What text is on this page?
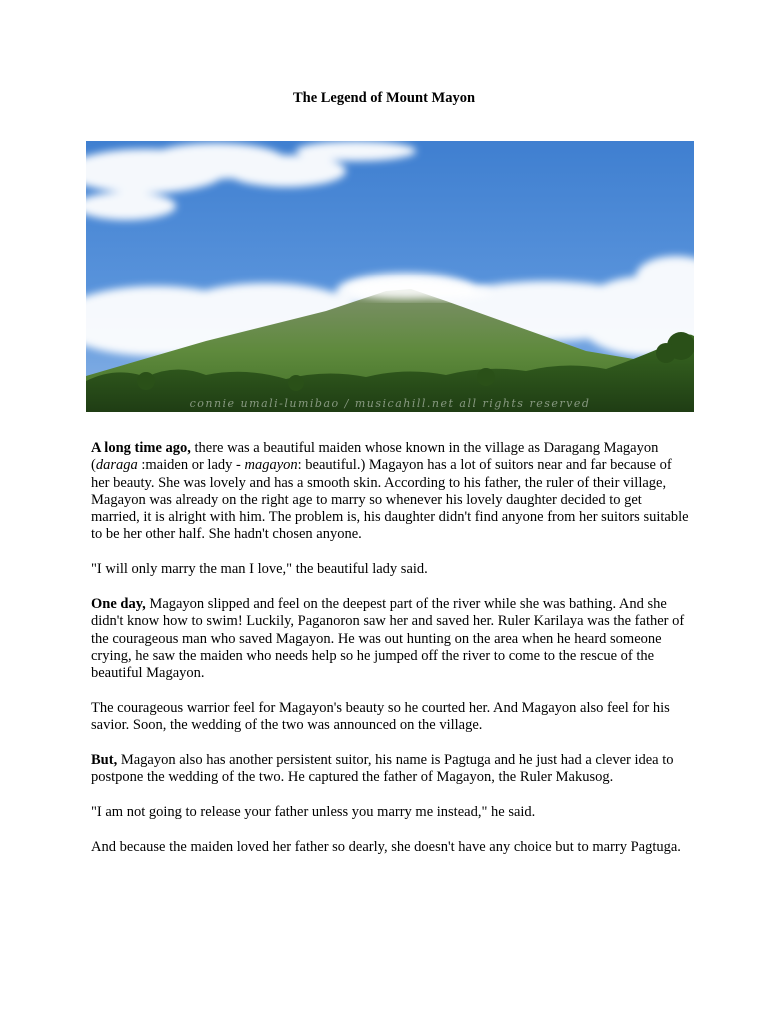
The Legend of Mount Mayon
connie umali-lumibao / musicahill.net all rights reserved

A long time ago, there was a beautiful maiden whose known in the village as Daragang Magayon (daraga :maiden or lady - magayon: beautiful.) Magayon has a lot of suitors near and far because of her beauty. She was lovely and has a smooth skin. According to his father, the ruler of their village, Magayon was already on the right age to marry so whenever his lovely daughter decided to get married, it is alright with him. The problem is, his daughter didn't find anyone from her suitors suitable to be her other half. She hadn't chosen anyone.

"I will only marry the man I love," the beautiful lady said.

One day, Magayon slipped and feel on the deepest part of the river while she was bathing. And she didn't know how to swim! Luckily, Paganoron saw her and saved her. Ruler Karilaya was the father of the courageous man who saved Magayon. He was out hunting on the area when he heard someone crying, he saw the maiden who needs help so he jumped off the river to come to the rescue of the beautiful Magayon.

The courageous warrior feel for Magayon's beauty so he courted her. And Magayon also feel for his savior. Soon, the wedding of the two was announced on the village.

But, Magayon also has another persistent suitor, his name is Pagtuga and he just had a clever idea to postpone the wedding of the two. He captured the father of Magayon, the Ruler Makusog.

"I am not going to release your father unless you marry me instead," he said.

And because the maiden loved her father so dearly, she doesn't have any choice but to marry Pagtuga.
